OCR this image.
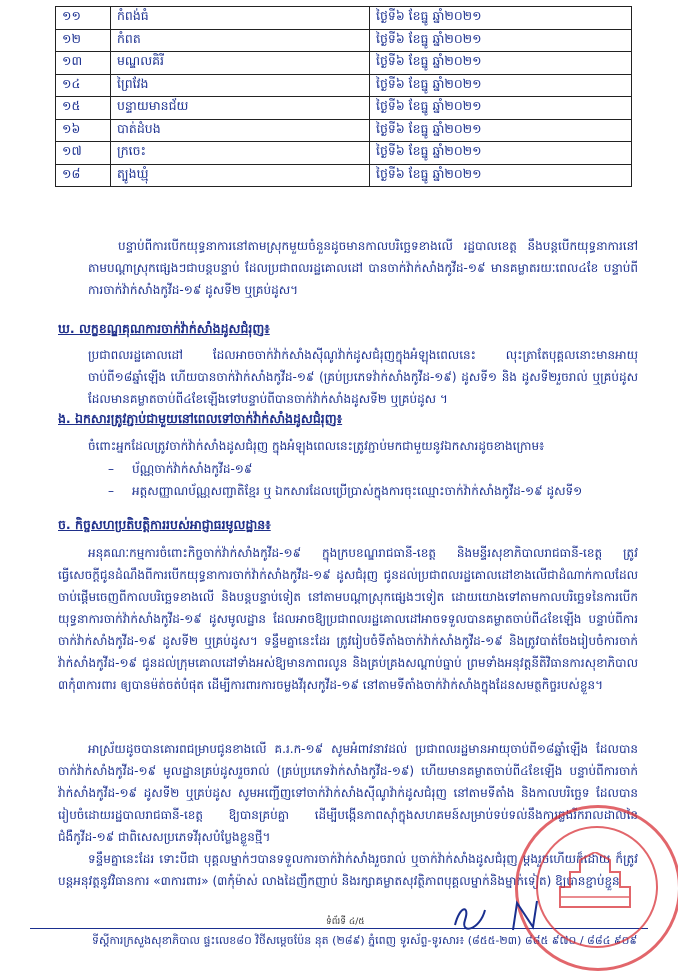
១១	កំពង់ធំ	ថ្ងៃទី៦ ខែធ្នូ ឆ្នាំ២០២១
១២	កំពត	ថ្ងៃទី៦ ខែធ្នូ ឆ្នាំ២០២១
១៣	មណ្ឌលគិរី	ថ្ងៃទី៦ ខែធ្នូ ឆ្នាំ២០២១
១៤	ព្រៃវែង	ថ្ងៃទី៦ ខែធ្នូ ឆ្នាំ២០២១
១៥	បន្ទាយមានជ័យ	ថ្ងៃទី៦ ខែធ្នូ ឆ្នាំ២០២១
១៦	បាត់ដំបង	ថ្ងៃទី៦ ខែធ្នូ ឆ្នាំ២០២១
១៧	ក្រចេះ	ថ្ងៃទី៦ ខែធ្នូ ឆ្នាំ២០២១
១៨	ត្បូងឃ្មុំ	ថ្ងៃទី៦ ខែធ្នូ ឆ្នាំ២០២១
បន្ទាប់ពីការបើកយុទ្ធនាការនៅតាមស្រុកមួយចំនួនដូចមានកាលបរិច្ឆេទខាងលើ រដ្ឋបាលខេត្ត នឹងបន្តបើកយុទ្ធនាការនៅតាមបណ្តាស្រុកផ្សេងៗជាបន្តបន្ទាប់ ដែលប្រជាពលរដ្ឋគោលដៅ បានចាក់វ៉ាក់សាំងកូវីដ-១៩ មានគម្លាតរយៈពេល៤ខែ បន្ទាប់ពីការចាក់វ៉ាក់សាំងកូវីដ-១៩ ដូសទី២ ឬគ្រប់ដូស។
ឃ. លក្ខខណ្ឌគុណការចាក់វ៉ាក់សាំងដូសជំរុញ៖
ប្រជាពលរដ្ឋគោលដៅ ដែលអាចចាក់វ៉ាក់សាំងស៊ីណូវ៉ាក់ដូសជំរុញក្នុងអំឡុងពេលនេះ លុះត្រាតែបុគ្គលនោះមានអាយុចាប់ពី១៨ឆ្នាំឡើង ហើយបានចាក់វ៉ាក់សាំងកូវីដ-១៩ (គ្រប់ប្រភេទវ៉ាក់សាំងកូវីដ-១៩) ដូសទី១ និង ដូសទី២រួចរាល់ ឬគ្រប់ដូស ដែលមានគម្លាតចាប់ពី៤ខែឡើងទៅបន្ទាប់ពីបានចាក់វ៉ាក់សាំងដូសទី២ ឬគ្រប់ដូស ។
ង. ឯកសារត្រូវភ្ជាប់ជាមួយនៅពេលទៅចាក់វ៉ាក់សាំងដូសជំរុញ៖
ចំពោះអ្នកដែលត្រូវចាក់វ៉ាក់សាំងដូសជំរុញ ក្នុងអំឡុងពេលនេះត្រូវភ្ជាប់មកជាមួយនូវឯកសារដូចខាងក្រោម៖
– ប័ណ្ណចាក់វ៉ាក់សាំងកូវីដ-១៩
– អត្តសញ្ញាណប័ណ្ណសញ្ជាតិខ្មែរ ឬ ឯកសារដែលប្រើប្រាស់ក្នុងការចុះឈ្មោះចាក់វ៉ាក់សាំងកូវីដ-១៩ ដូសទី១
ច. កិច្ចសហប្រតិបត្តិការរបស់អាជ្ញាធរមូលដ្ឋាន៖
អនុគណៈកម្មការចំពោះកិច្ចចាក់វ៉ាក់សាំងកូវីដ-១៩ ក្នុងក្របខណ្ឌរាជធានី-ខេត្ត និងមន្ទីរសុខាភិបាលរាជធានី-ខេត្ត ត្រូវធ្វើសេចក្តីជូនដំណឹងពីការបើកយុទ្ធនាការចាក់វ៉ាក់សាំងកូវីដ-១៩ ដូសជំរុញ ជូនដល់ប្រជាពលរដ្ឋគោលដៅខាងលើជាដំណាក់កាលដែលចាប់ផ្តើមចេញពីកាលបរិច្ឆេទខាងលើ និងបន្តបន្ទាប់ទៀត នៅតាមបណ្តាស្រុកផ្សេងៗទៀត ដោយយោងទៅតាមកាលបរិច្ឆេទនៃការបើកយុទ្ធនាការចាក់វ៉ាក់សាំងកូវីដ-១៩ ដូសមូលដ្ឋាន ដែលអាចឱ្យប្រជាពលរដ្ឋគោលដៅអាចទទួលបានគម្លាតចាប់ពី៤ខែឡើង បន្ទាប់ពីការចាក់វ៉ាក់សាំងកូវីដ-១៩ ដូសទី២ ឬគ្រប់ដូស។ ទន្ទឹមគ្នានេះដែរ ត្រូវរៀបចំទីតាំងចាក់វ៉ាក់សាំងកូវីដ-១៩ និងត្រូវបាត់ចែងរៀបចំការចាក់វ៉ាក់សាំងកូវីដ-១៩ ជូនដល់ក្រុមគោលដៅទាំងអស់ឱ្យមានភាពរលូន និងគ្រប់គ្រងសណ្តាប់ធ្នាប់ ព្រមទាំងអនុវត្តនីតិវិធានការសុខាភិបាល ៣កុំ៣ការពារ ឲ្យបានម៉ត់ចត់បំផុត ដើម្បីការពារការចម្លងវីរុសកូវីដ-១៩ នៅតាមទីតាំងចាក់វ៉ាក់សាំងក្នុងដែនសមត្ថកិច្ចរបស់ខ្លួន។
អាស្រ័យដូចបានគោរពជម្រាបជូនខាងលើ គ.រ.ក-១៩ សូមអំពាវនាវដល់ ប្រជាពលរដ្ឋមានអាយុចាប់ពី១៨ឆ្នាំឡើង ដែលបានចាក់វ៉ាក់សាំងកូវីដ-១៩ មូលដ្ឋានគ្រប់ដូសរួចរាល់ (គ្រប់ប្រភេទវ៉ាក់សាំងកូវីដ-១៩) ហើយមានគម្លាតចាប់ពី៤ខែឡើង បន្ទាប់ពីការចាក់វ៉ាក់សាំងកូវីដ-១៩ ដូសទី២ ឬគ្រប់ដូស សូមអញ្ជើញទៅចាក់វ៉ាក់សាំងស៊ីណូវ៉ាក់ដូសជំរុញ នៅតាមទីតាំង និងកាលបរិច្ឆេទ ដែលបានរៀបចំដោយរដ្ឋបាលរាជធានី-ខេត្ត ឱ្យបានគ្រប់គ្នា ដើម្បីបង្កើនភាពស៊ាំក្នុងសហគមន៍សម្រាប់ទប់ទល់នឹងការឆ្លងរីករាលដាលនៃជំងឺកូវីដ-១៩ ជាពិសេសប្រភេទវីរុសបំប្លែងខ្លួនថ្មី។
ទន្ទឹមគ្នានេះដែរ ទោះបីជា បុគ្គលម្នាក់ៗបានទទួលការចាក់វ៉ាក់សាំងរួចរាល់ ឬចាក់វ៉ាក់សាំងដូសជំរុញ ម្តងរួចហើយក៏ដោយ ក៏ត្រូវបន្តអនុវត្តនូវវិធានការ «៣ការពារ» (៣កុំម៉ាស់ លាងដៃញឹកញាប់ និងរក្សាគម្លាតសុវត្ថិភាពបុគ្គលម្នាក់និងម្នាក់ទៀត) ឱ្យបានខ្ជាប់ខ្ជួន
ទំព័រទី ៤/៥
ទីស្តីការក្រសួងសុខាភិបាល ផ្ទះលេខ៨០ វិថីសម្តេចប៉ែន នុត (២៨៩) ភ្នំពេញ ទូរស័ព្ទ-ទូរសារ៖ (៨៥៥-២៣) ៨៨៥ ៩៧០ / ៨៨៤ ៩០៩
